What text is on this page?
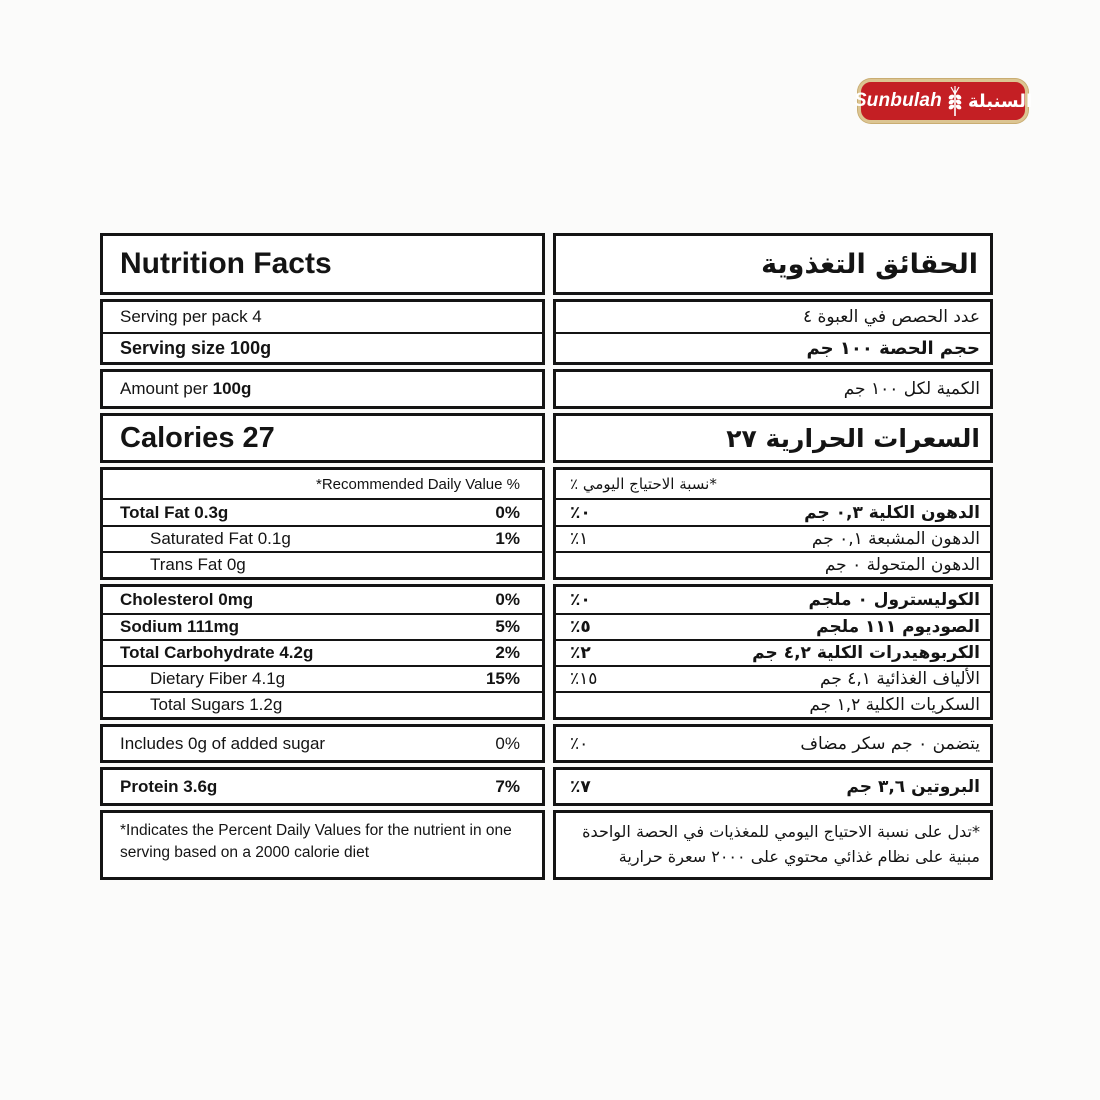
Sunbulah السنبلة
Nutrition Facts
Serving per pack 4
Serving size 100g
Amount per 100g
Calories 27
*Recommended Daily Value %
Total Fat 0.3g	0%
Saturated Fat 0.1g	1%
Trans Fat 0g
Cholesterol 0mg	0%
Sodium 111mg	5%
Total Carbohydrate 4.2g	2%
Dietary Fiber 4.1g	15%
Total Sugars 1.2g
Includes 0g of added sugar	0%
Protein 3.6g	7%
*Indicates the Percent Daily Values for the nutrient in one serving based on a 2000 calorie diet
الحقائق التغذوية
عدد الحصص في العبوة ٤
حجم الحصة ١٠٠ جم
الكمية لكل ١٠٠ جم
السعرات الحرارية ٢٧
*نسبة الاحتياج اليومي ٪
٪٠	الدهون الكلية ٠,٣ جم
٪١	الدهون المشبعة ٠,١ جم
الدهون المتحولة ٠ جم
٪٠	الكوليسترول ٠ ملجم
٪٥	الصوديوم ١١١ ملجم
٪٢	الكربوهيدرات الكلية ٤,٢ جم
٪١٥	الألياف الغذائية ٤,١ جم
السكريات الكلية ١,٢ جم
٪٠	يتضمن ٠ جم سكر مضاف
٪٧	البروتين ٣,٦ جم
*تدل على نسبة الاحتياج اليومي للمغذيات في الحصة الواحدة مبنية على نظام غذائي محتوي على ٢٠٠٠ سعرة حرارية
